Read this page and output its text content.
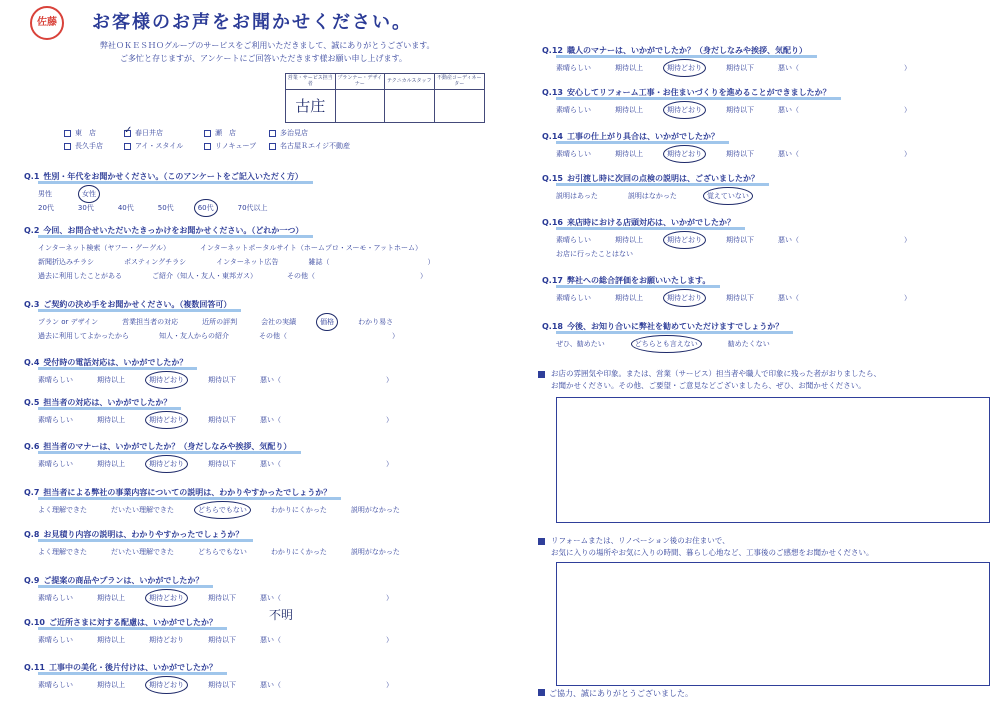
佐藤 お客様のお声をお聞かせください。
弊社ＯＫＥＳＨＯグループのサービスをご利用いただきまして、誠にありがとうございます。
ご多忙と存じますが、アンケートにご回答いただきます様お願い申し上げます。
営業・サービス担当者
プランナー・デザイナー	テクニカルスタッフ	不動産コーディネーター
古庄
東　店
✓	春日井店	瀬　店	多治見店
長久手店	アイ・スタイル	リノキューブ	名古屋Ｒエイジ不動産
Q.1 性別・年代をお聞かせください。（このアンケートをご記入いただく方）
男性	女性
20代	30代	40代	50代	60代	70代以上
Q.2 今回、お問合せいただいたきっかけをお聞かせください。（どれか一つ）
インターネット検索（ヤフー・グーグル）	インターネットポータルサイト（ホームプロ・スーモ・アットホーム）
新聞折込みチラシ	ポスティングチラシ	インターネット広告	雑誌（　　　　　　　　　　　　　　）
過去に利用したことがある	ご紹介（知人・友人・東邦ガス）	その他（　　　　　　　　　　　　　　　）
Q.3 ご契約の決め手をお聞かせください。（複数回答可）
プラン or デザイン	営業担当者の対応	近所の評判	会社の実績	価格	わかり易さ
過去に利用してよかったから	知人・友人からの紹介	その他（　　　　　　　　　　　　　　　）
Q.4 受付時の電話対応は、いかがでしたか？
素晴らしい	期待以上	期待どおり	期待以下	悪い（　　　　　　　　　　　　　　　）
Q.5 担当者の対応は、いかがでしたか？
素晴らしい	期待以上	期待どおり	期待以下	悪い（　　　　　　　　　　　　　　　）
Q.6 担当者のマナーは、いかがでしたか？（身だしなみや挨拶、気配り）
素晴らしい	期待以上	期待どおり	期待以下	悪い（　　　　　　　　　　　　　　　）
Q.7 担当者による弊社の事業内容についての説明は、わかりやすかったでしょうか？
よく理解できた	だいたい理解できた	どちらでもない	わかりにくかった	説明がなかった
Q.8 お見積り内容の説明は、わかりやすかったでしょうか？
よく理解できた	だいたい理解できた	どちらでもない	わかりにくかった	説明がなかった
Q.9 ご提案の商品やプランは、いかがでしたか？
素晴らしい	期待以上	期待どおり	期待以下	悪い（　　　　　　　　　　　　　　　）
Q.10 ご近所さまに対する配慮は、いかがでしたか？
素晴らしい	期待以上	期待どおり	期待以下	悪い（　　　　　　　　　　　　　　　）
不明
Q.11 工事中の美化・後片付けは、いかがでしたか？
素晴らしい	期待以上	期待どおり	期待以下	悪い（　　　　　　　　　　　　　　　）
Q.12 職人のマナーは、いかがでしたか？（身だしなみや挨拶、気配り）
素晴らしい	期待以上	期待どおり	期待以下	悪い（　　　　　　　　　　　　　　　）
Q.13 安心してリフォーム工事・お住まいづくりを進めることができましたか？
素晴らしい	期待以上	期待どおり	期待以下	悪い（　　　　　　　　　　　　　　　）
Q.14 工事の仕上がり具合は、いかがでしたか？
素晴らしい	期待以上	期待どおり	期待以下	悪い（　　　　　　　　　　　　　　　）
Q.15 お引渡し時に次回の点検の説明は、ございましたか？
説明はあった	説明はなかった	覚えていない
Q.16 来店時における店頭対応は、いかがでしたか？
素晴らしい	期待以上	期待どおり	期待以下	悪い（　　　　　　　　　　　　　　　）
お店に行ったことはない
Q.17 弊社への総合評価をお願いいたします。
素晴らしい	期待以上	期待どおり	期待以下	悪い（　　　　　　　　　　　　　　　）
Q.18 今後、お知り合いに弊社を勧めていただけますでしょうか？
ぜひ、勧めたい	どちらとも言えない	勧めたくない
お店の雰囲気や印象。または、営業（サービス）担当者や職人で印象に残った者がおりましたら、
お聞かせください。その他、ご要望・ご意見などございましたら、ぜひ、お聞かせください。
リフォームまたは、リノベーション後のお住まいで、
お気に入りの場所やお気に入りの時間、暮らし心地など、工事後のご感想をお聞かせください。
ご協力、誠にありがとうございました。
